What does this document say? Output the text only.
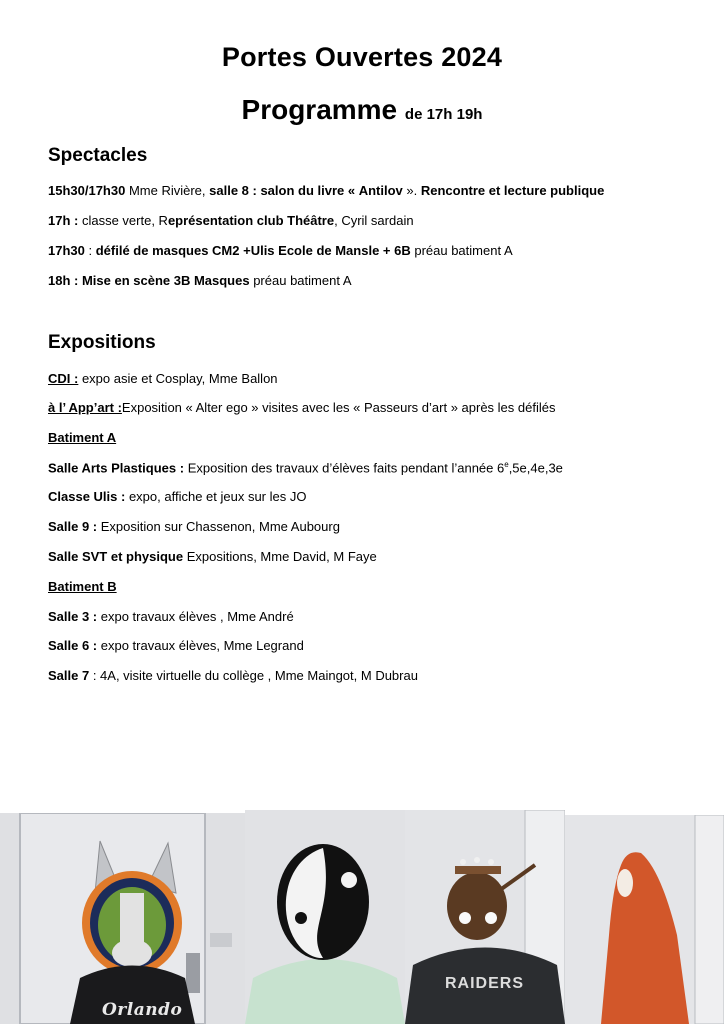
Portes Ouvertes 2024
Programme de 17h 19h
Spectacles
15h30/17h30 Mme Rivière, salle 8 : salon du livre « Antilov ». Rencontre et lecture publique
17h : classe verte, Représentation club Théâtre, Cyril sardain
17h30 : défilé de masques CM2 +Ulis Ecole de Mansle + 6B préau batiment A
18h : Mise en scène 3B Masques préau batiment A
Expositions
CDI : expo asie et Cosplay, Mme Ballon
à l’ App’art :Exposition « Alter ego » visites avec les « Passeurs d’art » après les défilés
Batiment A
Salle Arts Plastiques : Exposition des travaux d’élèves faits pendant l’année 6e,5e,4e,3e
Classe Ulis : expo, affiche et jeux sur les JO
Salle 9 : Exposition sur Chassenon, Mme Aubourg
Salle SVT et physique Expositions, Mme David, M Faye
Batiment B
Salle 3 : expo travaux élèves , Mme André
Salle 6 : expo travaux élèves, Mme Legrand
Salle 7 : 4A, visite virtuelle du collège , Mme Maingot, M Dubrau
Orlando
RAIDERS
